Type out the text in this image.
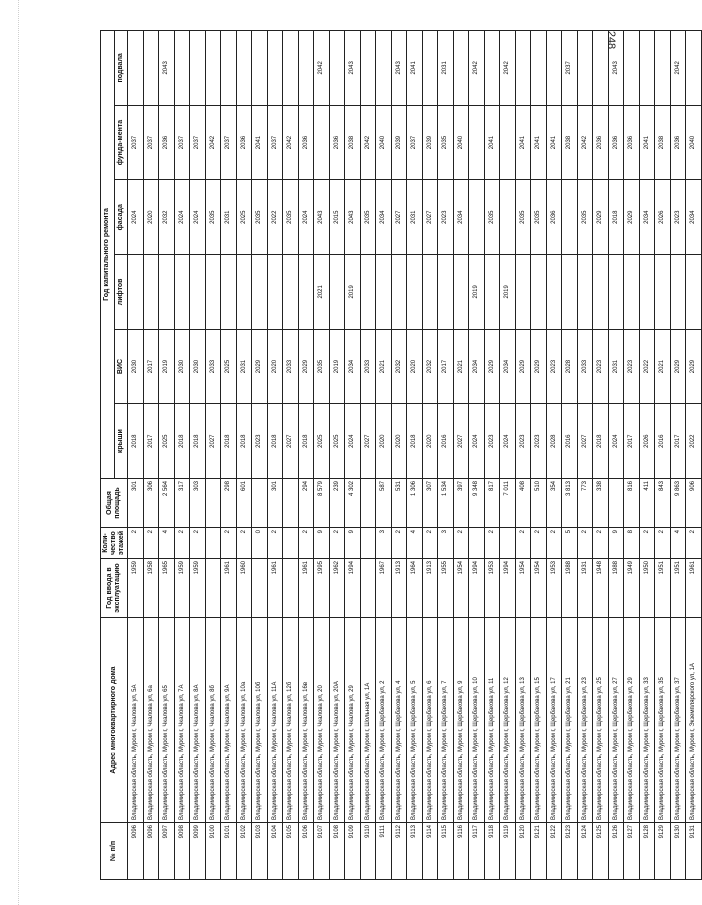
248
№ п/п	Адрес многоквартирного дома	Год ввода в эксплуатацию	Коли-чество этажей	Общая площадь	Год капитального ремонта					
					крыши	ВИС	лифтов	фасада	фунда-мента	подвала
9096	Владимирская область, Муром г, Чкалова ул, 5А	1959	2	301	2018	2030		2024	2037	
9096	Владимирская область, Муром г, Чкалова ул, 6а	1958	2	306	2017	2017		2020	2037	
9097	Владимирская область, Муром г, Чкалова ул, 65	1965	4	2 564	2025	2019		2032	2036	2043
9098	Владимирская область, Муром г, Чкалова ул, 7А	1959	2	317	2018	2030		2024	2037	
9099	Владимирская область, Муром г, Чкалова ул, 8А	1959	2	303	2018	2030		2024	2037	
9100	Владимирская область, Муром г, Чкалова ул, 8б				2027	2033		2035	2042	
9101	Владимирская область, Муром г, Чкалова ул, 9А	1961	2	298	2018	2025		2031	2037	
9102	Владимирская область, Муром г, Чкалова ул, 10а	1960	2	601	2018	2031		2025	2036	
9103	Владимирская область, Муром г, Чкалова ул, 10б		0		2023	2029		2035	2041	
9104	Владимирская область, Муром г, Чкалова ул, 11А	1961	2	301	2018	2020		2022	2037	
9105	Владимирская область, Муром г, Чкалова ул, 12б				2027	2033		2035	2042	
9106	Владимирская область, Муром г, Чкалова ул, 16в	1961	2	294	2018	2029		2024	2036	
9107	Владимирская область, Муром г, Чкалова ул, 20	1995	9	8 579	2025	2035	2021	2043		2042
9108	Владимирская область, Муром г, Чкалова ул, 20А	1962	2	239	2025	2019		2015	2036	
9109	Владимирская область, Муром г, Чкалова ул, 29	1994	9	4 302	2024	2034	2019	2043	2038	2043
9110	Владимирская область, Муром г, Шольная ул, 1А				2027	2033		2035	2042	
9111	Владимирская область, Муром г, Щербакова ул, 2	1967	3	587	2020	2021		2034	2040	
9112	Владимирская область, Муром г, Щербакова ул, 4	1913	2	531	2020	2032		2027	2039	2043
9113	Владимирская область, Муром г, Щербакова ул, 5	1964	4	1 306	2018	2020		2031	2037	2041
9114	Владимирская область, Муром г, Щербакова ул, 6	1913	2	307	2020	2032		2027	2039	
9115	Владимирская область, Муром г, Щербакова ул, 7	1955	3	1 534	2016	2017		2023	2035	2031
9116	Владимирская область, Муром г, Щербакова ул, 9	1954	2	397	2027	2021		2034	2040	
9117	Владимирская область, Муром г, Щербакова ул, 10	1994		9 348	2024	2034	2019			2042
9118	Владимирская область, Муром г, Щербакова ул, 11	1953	2	817	2023	2029		2035	2041	
9119	Владимирская область, Муром г, Щербакова ул, 12	1994		7 011	2024	2034	2019			2042
9120	Владимирская область, Муром г, Щербакова ул, 13	1954	2	408	2023	2029		2035	2041	
9121	Владимирская область, Муром г, Щербакова ул, 15	1954	2	510	2023	2029		2035	2041	
9122	Владимирская область, Муром г, Щербакова ул, 17	1953	2	354	2028	2023		2036	2041	
9123	Владимирская область, Муром г, Щербакова ул, 21	1988	5	3 813	2016	2028			2038	2037
9124	Владимирская область, Муром г, Щербакова ул, 23	1931	2	773	2027	2033		2035	2042	
9125	Владимирская область, Муром г, Щербакова ул, 25	1948	2	338	2018	2023		2029	2036	
9126	Владимирская область, Муром г, Щербакова ул, 27	1988	9		2024	2031		2018	2036	2043
9127	Владимирская область, Муром г, Щербакова ул, 29	1949	8	816	2017	2023		2029	2036	
9128	Владимирская область, Муром г, Щербакова ул, 33	1950	2	411	2026	2022		2034	2041	
9129	Владимирская область, Муром г, Щербакова ул, 35	1951	2	843	2016	2021		2026	2038	
9130	Владимирская область, Муром г, Щербакова ул, 37	1951	4	9 863	2017	2029		2023	2036	2042
9131	Владимирская область, Муром г, Экземплярского ул, 1А	1961	2	906	2022	2029		2034	2040	
